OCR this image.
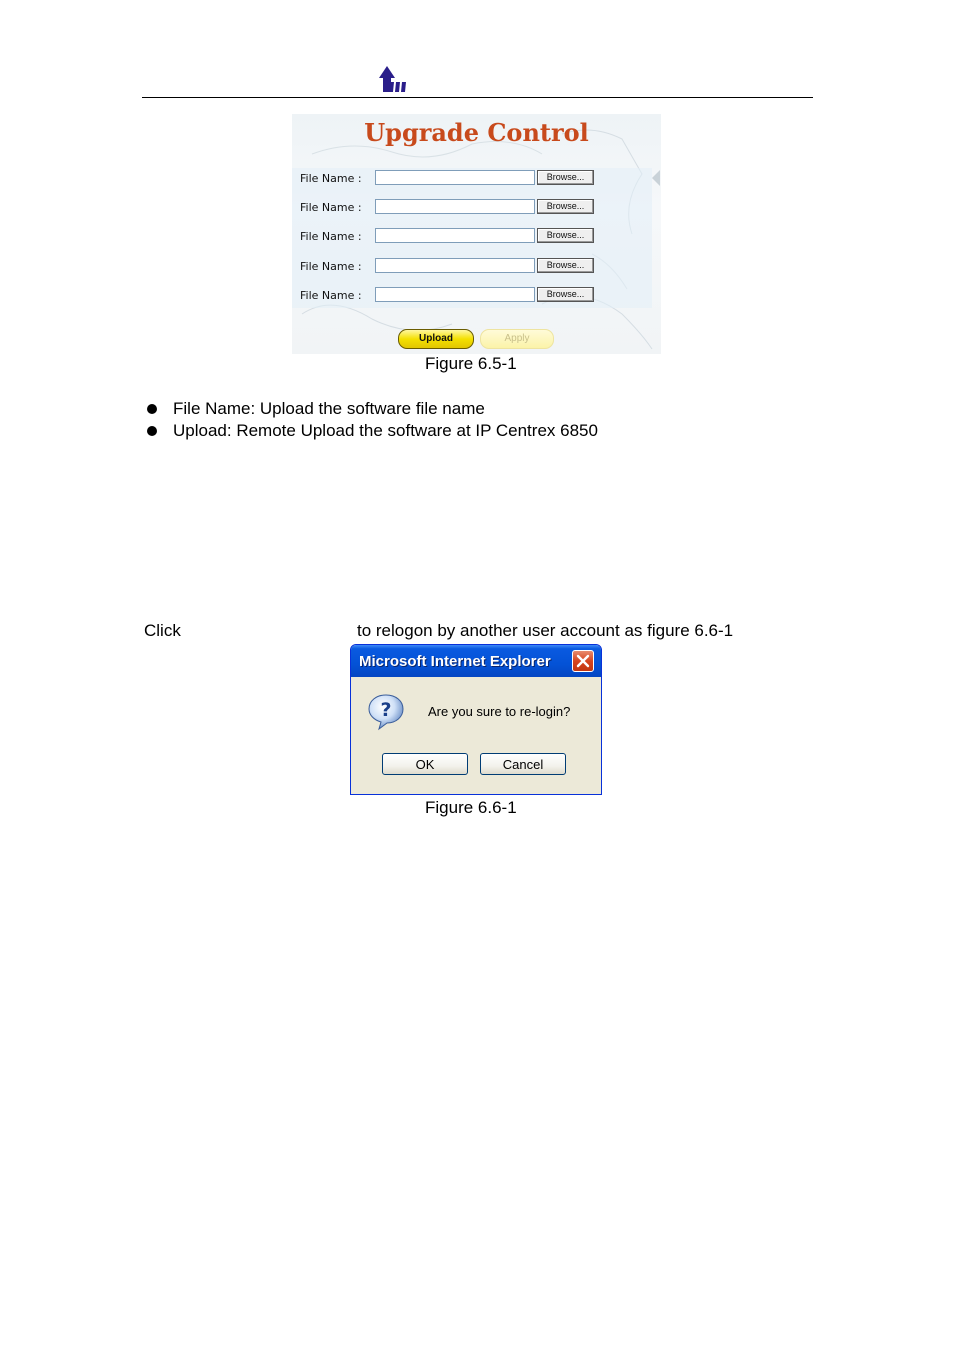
Upgrade Control
File Name :	Browse...
File Name :	Browse...
File Name :	Browse...
File Name :	Browse...
File Name :	Browse...
Upload	Apply
Figure 6.5-1
File Name: Upload the software file name
Upload: Remote Upload the software at IP Centrex 6850
Click	to relogon by another user account as figure 6.6-1
Microsoft Internet Explorer
?	Are you sure to re-login?
OK	Cancel
Figure 6.6-1
